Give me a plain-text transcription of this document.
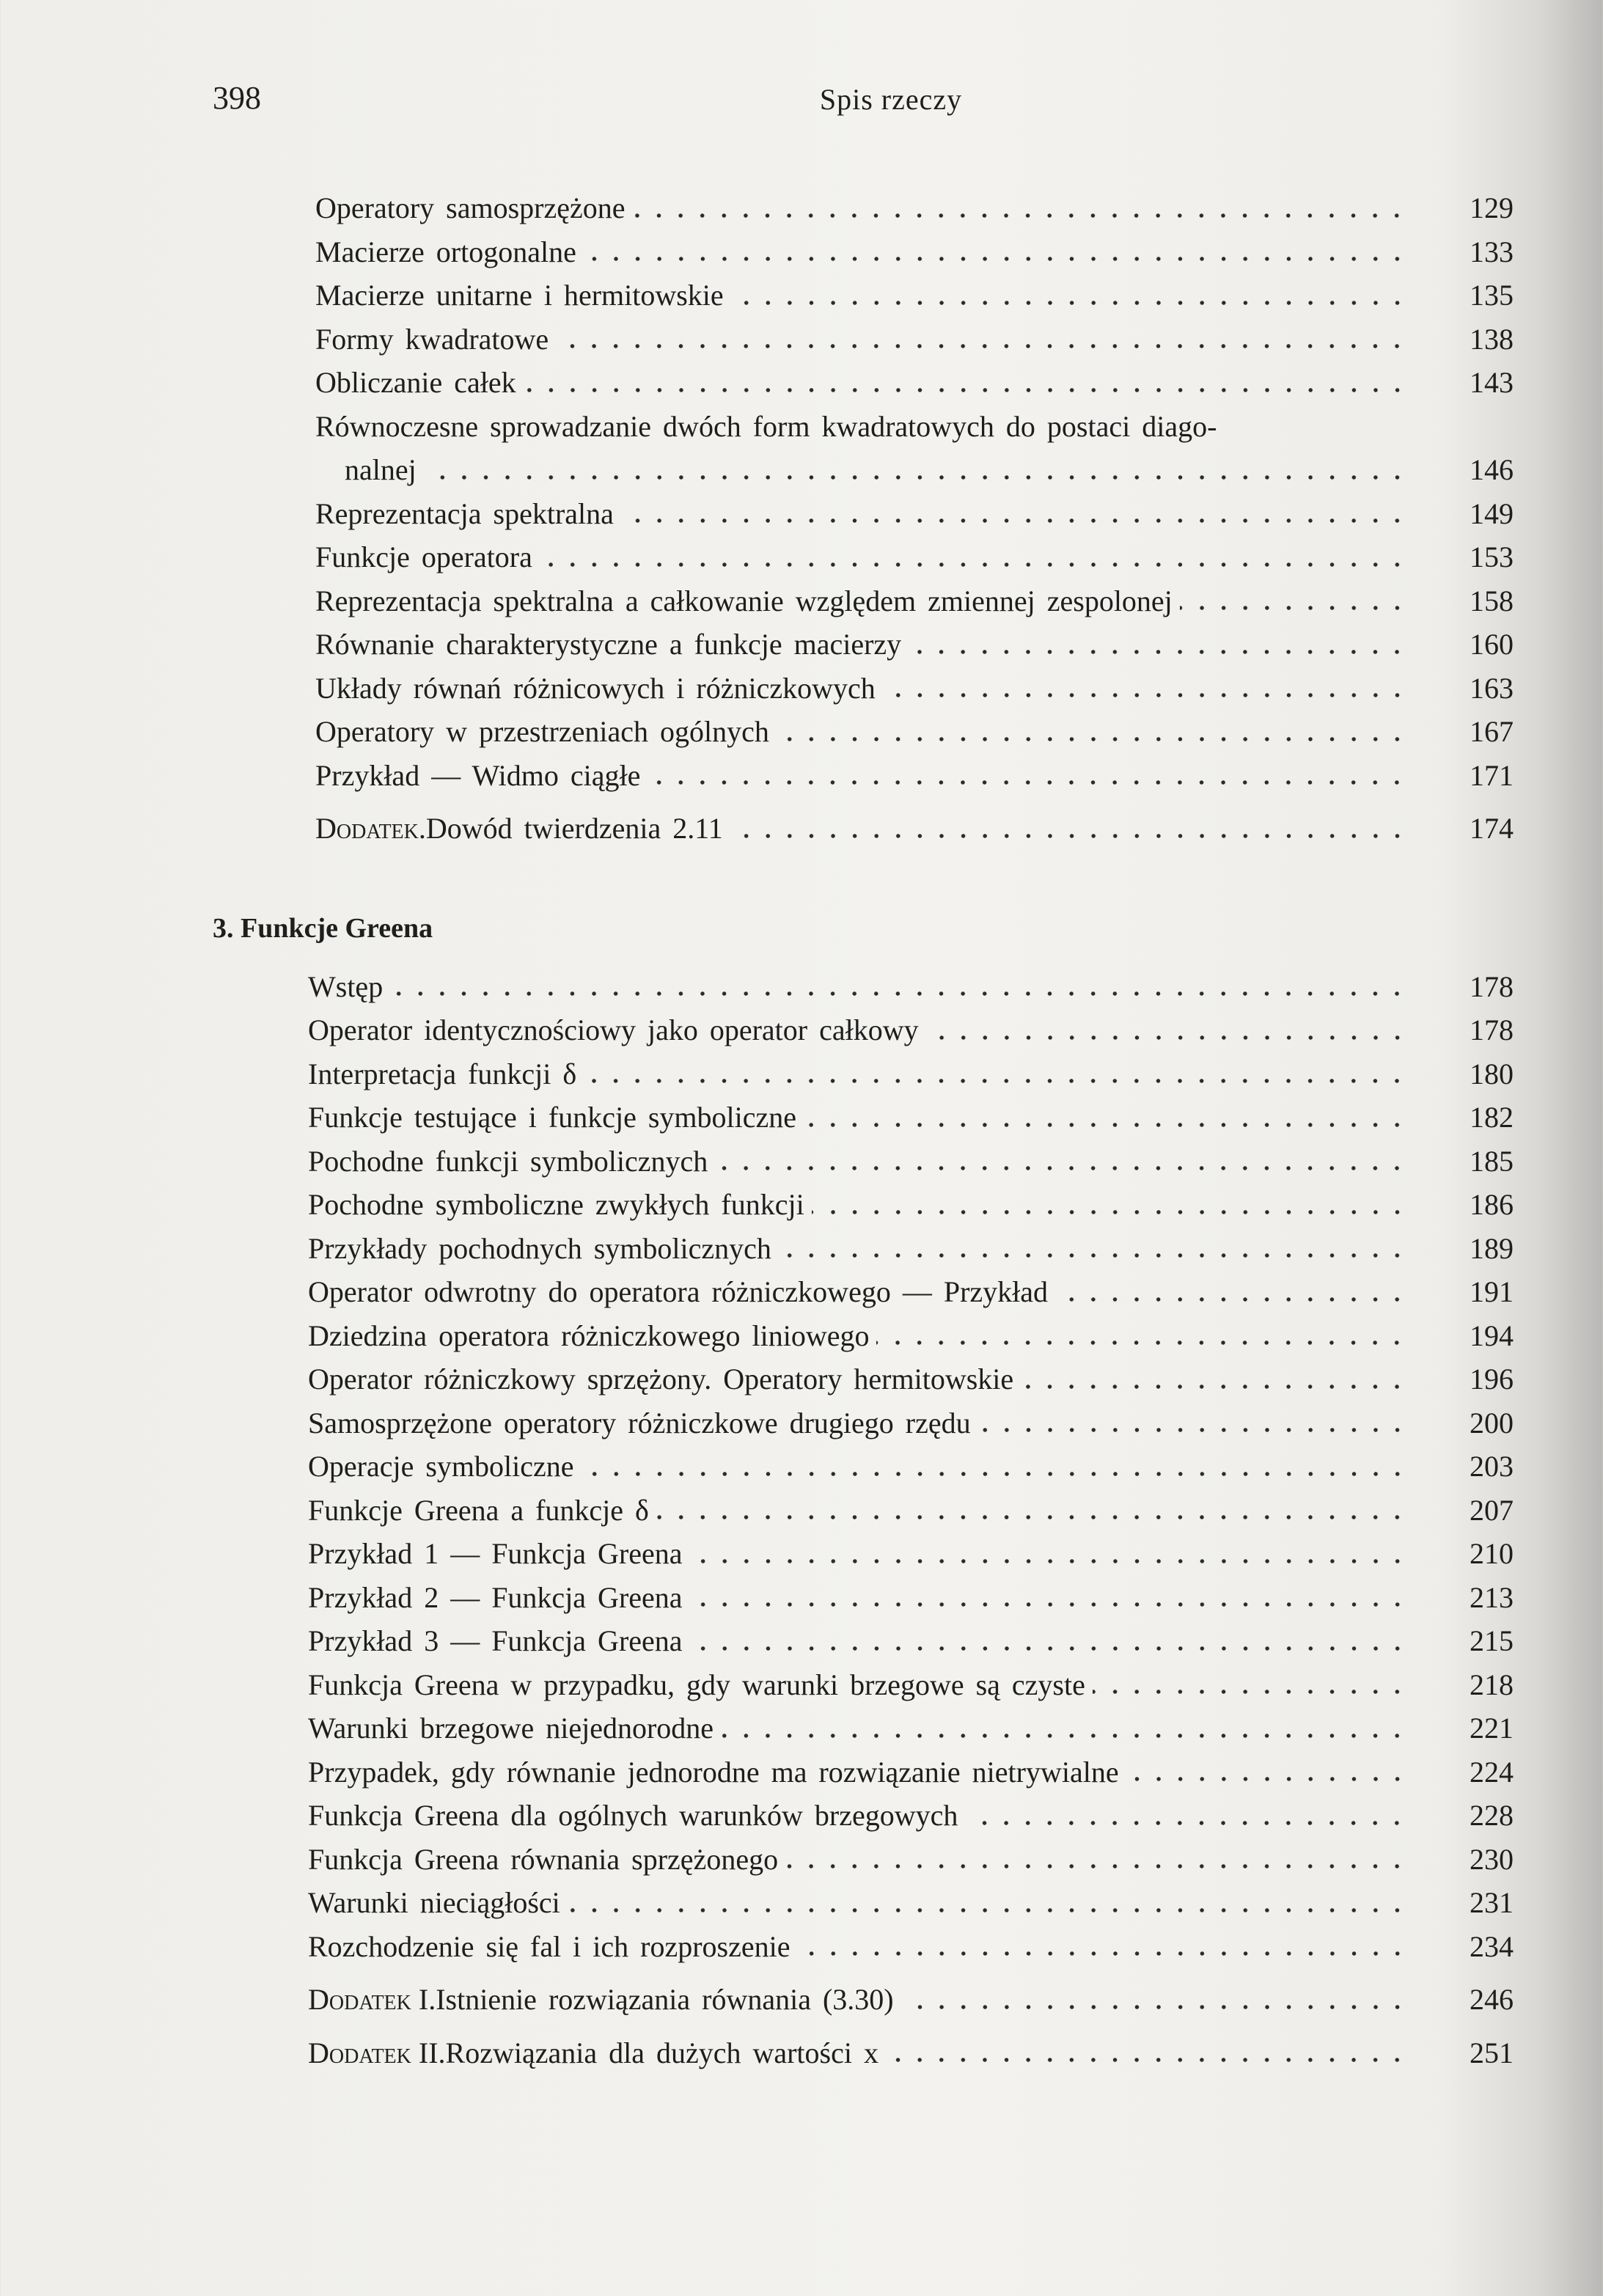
398	Spis rzeczy
Operatory samosprzężone	129
Macierze ortogonalne	133
Macierze unitarne i hermitowskie	135
Formy kwadratowe	138
Obliczanie całek	143
Równoczesne sprowadzanie dwóch form kwadratowych do postaci diago-
nalnej	146
Reprezentacja spektralna	149
Funkcje operatora	153
Reprezentacja spektralna a całkowanie względem zmiennej zespolonej	158
Równanie charakterystyczne a funkcje macierzy	160
Układy równań różnicowych i różniczkowych	163
Operatory w przestrzeniach ogólnych	167
Przykład — Widmo ciągłe	171
Dodatek. Dowód twierdzenia 2.11	174
3. Funkcje Greena
Wstęp	178
Operator identycznościowy jako operator całkowy	178
Interpretacja funkcji δ	180
Funkcje testujące i funkcje symboliczne	182
Pochodne funkcji symbolicznych	185
Pochodne symboliczne zwykłych funkcji	186
Przykłady pochodnych symbolicznych	189
Operator odwrotny do operatora różniczkowego — Przykład	191
Dziedzina operatora różniczkowego liniowego	194
Operator różniczkowy sprzężony. Operatory hermitowskie	196
Samosprzężone operatory różniczkowe drugiego rzędu	200
Operacje symboliczne	203
Funkcje Greena a funkcje δ	207
Przykład 1 — Funkcja Greena	210
Przykład 2 — Funkcja Greena	213
Przykład 3 — Funkcja Greena	215
Funkcja Greena w przypadku, gdy warunki brzegowe są czyste	218
Warunki brzegowe niejednorodne	221
Przypadek, gdy równanie jednorodne ma rozwiązanie nietrywialne	224
Funkcja Greena dla ogólnych warunków brzegowych	228
Funkcja Greena równania sprzężonego	230
Warunki nieciągłości	231
Rozchodzenie się fal i ich rozproszenie	234
Dodatek I. Istnienie rozwiązania równania (3.30)	246
Dodatek II. Rozwiązania dla dużych wartości x	251
